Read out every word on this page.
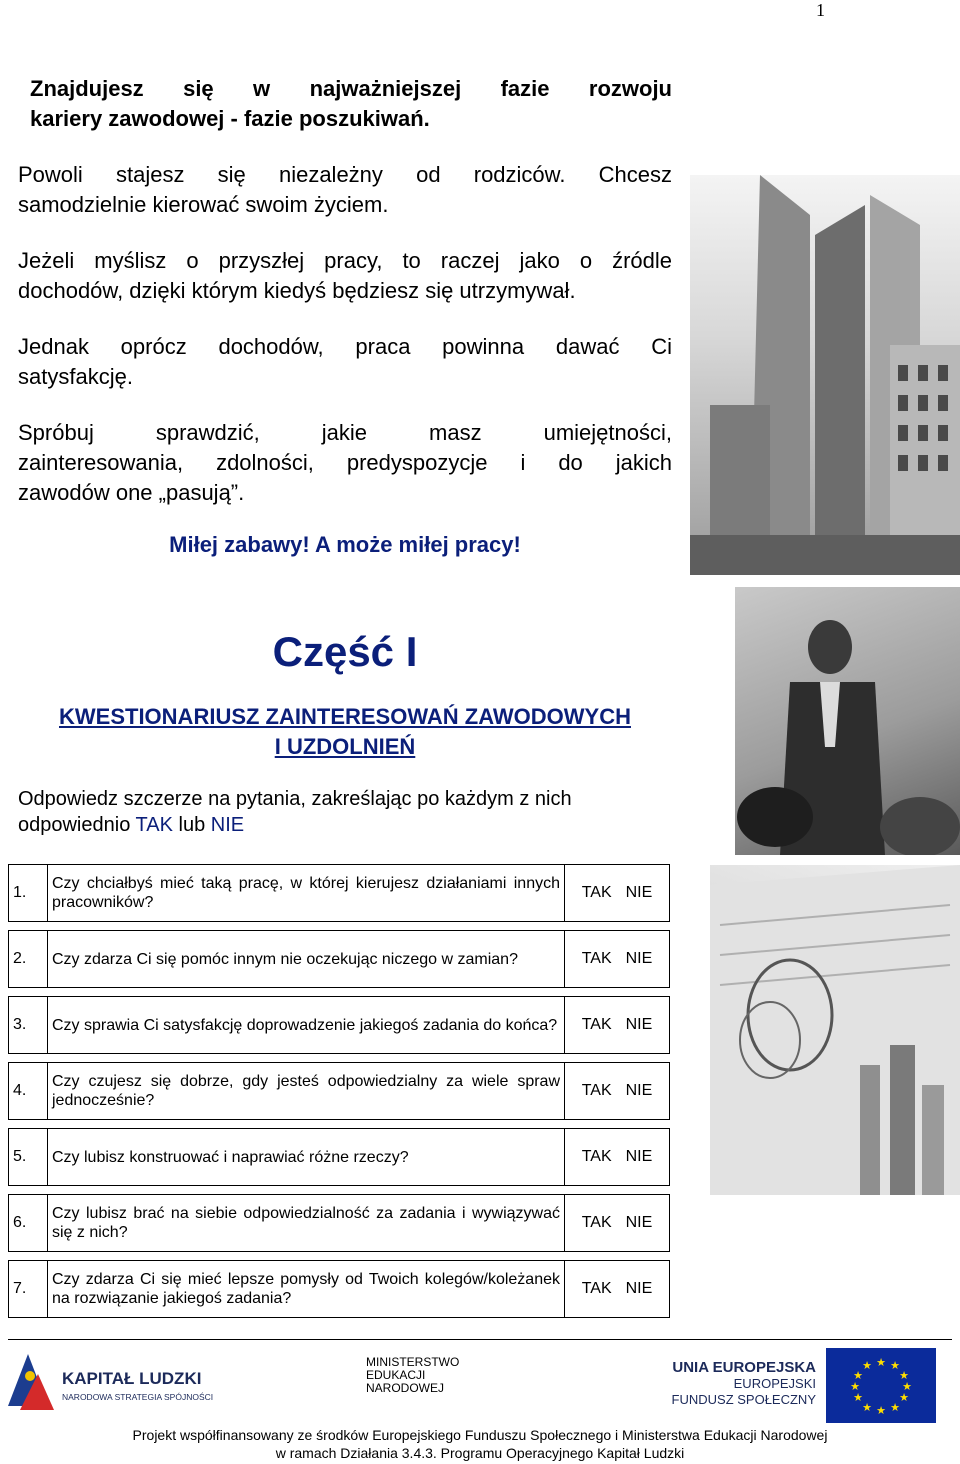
1
Znajdujesz się w najważniejszej fazie rozwoju
kariery zawodowej - fazie poszukiwań.
Powoli stajesz się niezależny od rodziców. Chcesz
samodzielnie kierować swoim życiem.
Jeżeli myślisz o przyszłej pracy, to raczej jako o źródle
dochodów, dzięki którym kiedyś będziesz się utrzymywał.
Jednak oprócz dochodów, praca powinna dawać Ci
satysfakcję.
Spróbuj sprawdzić, jakie masz umiejętności,
zainteresowania, zdolności, predyspozycje i do jakich
zawodów one „pasują”.
Miłej zabawy! A może miłej pracy!
Część I
KWESTIONARIUSZ ZAINTERESOWAŃ ZAWODOWYCH
I UZDOLNIEŃ
Odpowiedz szczerze na pytania, zakreślając po każdym z nich odpowiednio TAK lub NIE
1.	Czy chciałbyś mieć taką pracę, w której kierujesz działaniami innych pracowników?	TAK NIE

2.	Czy zdarza Ci się pomóc innym nie oczekując niczego w zamian?	TAK NIE

3.	Czy sprawia Ci satysfakcję doprowadzenie jakiegoś zadania do końca?	TAK NIE

4.	Czy czujesz się dobrze, gdy jesteś odpowiedzialny za wiele spraw jednocześnie?	TAK NIE

5.	Czy lubisz konstruować i naprawiać różne rzeczy?	TAK NIE

6.	Czy lubisz brać na siebie odpowiedzialność za zadania i wywiązywać się z nich?	TAK NIE

7.	Czy zdarza Ci się mieć lepsze pomysły od Twoich kolegów/koleżanek na rozwiązanie jakiegoś zadania?	TAK NIE
KAPITAŁ LUDZKI
NARODOWA STRATEGIA SPÓJNOŚCI
MINISTERSTWO
EDUKACJI
NARODOWEJ
UNIA EUROPEJSKA
EUROPEJSKI
FUNDUSZ SPOŁECZNY
★ ★
★
★
★
★
★
★
★
★
★
★
Projekt współfinansowany ze środków Europejskiego Funduszu Społecznego i Ministerstwa Edukacji Narodowej
w ramach Działania 3.4.3. Programu Operacyjnego Kapitał Ludzki
